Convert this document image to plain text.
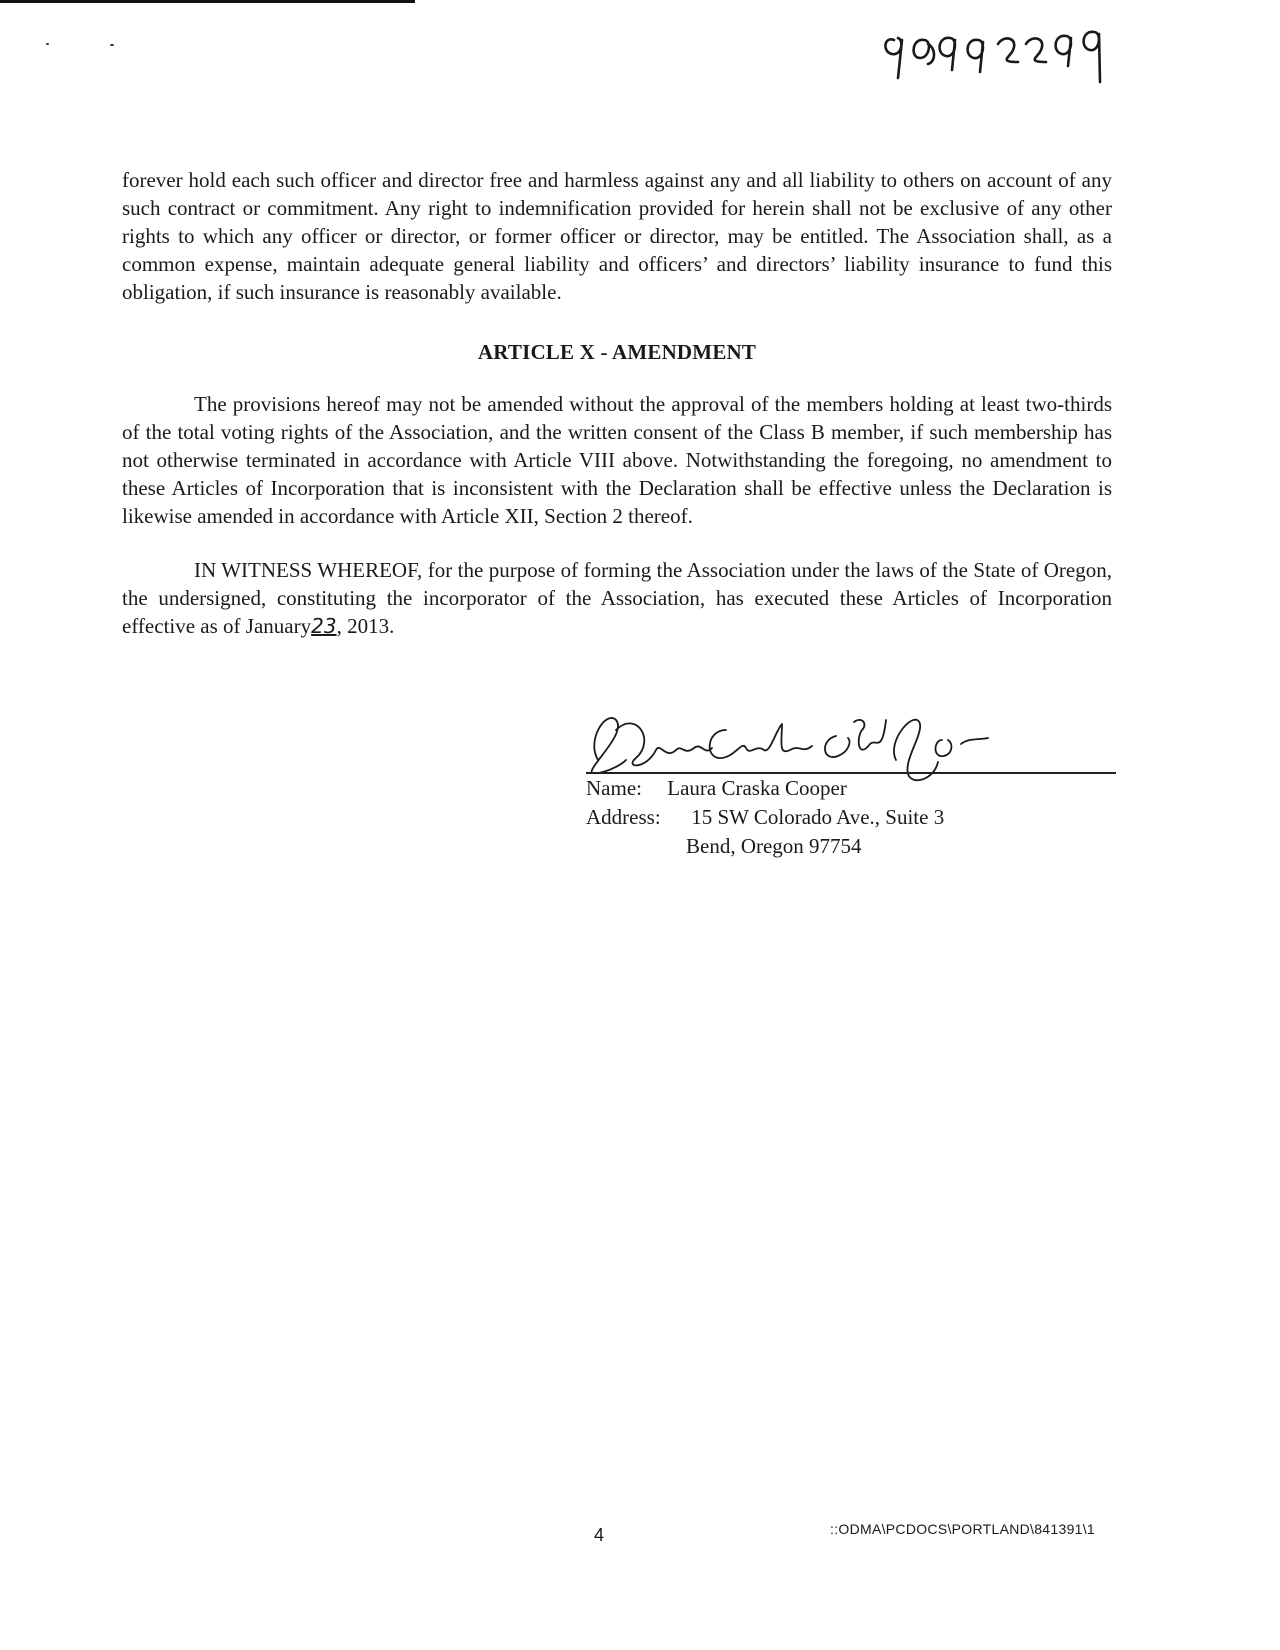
forever hold each such officer and director free and harmless against any and all liability to others on account of any such contract or commitment. Any right to indemnification provided for herein shall not be exclusive of any other rights to which any officer or director, or former officer or director, may be entitled. The Association shall, as a common expense, maintain adequate general liability and officers’ and directors’ liability insurance to fund this obligation, if such insurance is reasonably available.

ARTICLE X - AMENDMENT

The provisions hereof may not be amended without the approval of the members holding at least two-thirds of the total voting rights of the Association, and the written consent of the Class B member, if such membership has not otherwise terminated in accordance with Article VIII above. Notwithstanding the foregoing, no amendment to these Articles of Incorporation that is inconsistent with the Declaration shall be effective unless the Declaration is likewise amended in accordance with Article XII, Section 2 thereof.

IN WITNESS WHEREOF, for the purpose of forming the Association under the laws of the State of Oregon, the undersigned, constituting the incorporator of the Association, has executed these Articles of Incorporation effective as of January23, 2013.

Name: Laura Craska Cooper
Address: 15 SW Colorado Ave., Suite 3
Bend, Oregon 97754
4	::ODMA\PCDOCS\PORTLAND\841391\1
